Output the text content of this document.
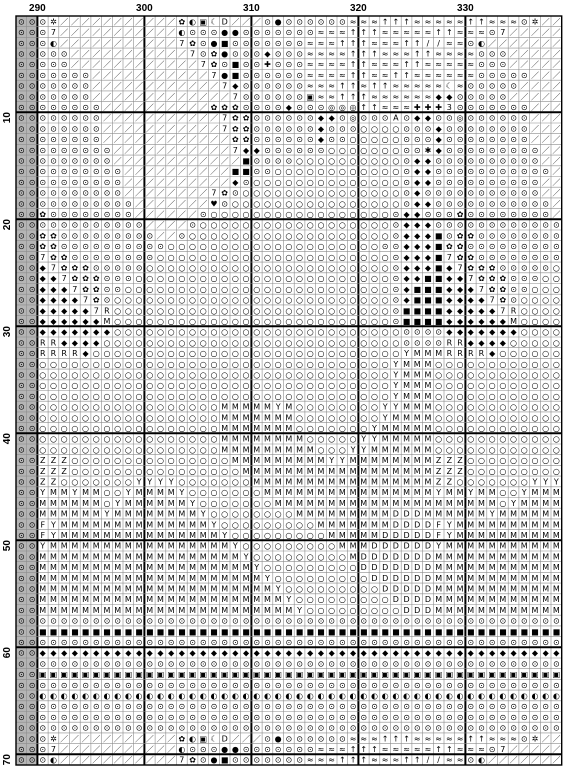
⊙ ✲ ／ ／ ／ ／ ／ ／ ／ ／ ／ ／ ／ ✿ ◐ ▣ ☾ D ／ ／ ／ ⊙ ● ⊙ ⊙ ⊙ ⊙ ⊙ ⊙ ≈ ≈ ≈ ↑ ↑ ↑ ≈ ≈ ≈ ≈ ≈ ↑ ↑ ≈ ≈ ≈ ⊙ ✲ ／ ／
⊙ ⊙
⊙ 7 ／ ／ ／ ／ ／ ／ ／ ／ ／ ／ ／ ◐ ⊙ ⊙ ⊙ ● ● ⊙ ⊙ ⊙ ⊙ ⊙ ⊙ ⊙ ≈ ≈ ≈ ↑ ↑ ↑ ≈ ≈ ≈ ≈ ≈ ↑ ↑ ≈ ≈ ≈ ⊙ 7 ／ ／ ／ ／ ／
⊙ ⊙
⊙ ◐ ／ ／ ／ ／ ／ ／ ／ ／ ／ ／ ／ 7 ✿ ⊙ ● ■ ⊙ ⊙ ⊙ ⊙ ⊙ ⊙ ⊙ ≈ ≈ ≈ ↑ ↑ ↑ ≈ ≈ ≈ ↑ ↑ / / ≈ ≈ ⊙ ◐ ／ ／ ／ ／ ／ ／ ／
⊙ ⊙
⊙ ⊙ ⊙ ／ ／ ／ ／ ／ ／ ／ ／ ／ ／ ／ 7 ⊙ ✿ ● ⊙ ⊙ ⊙ ◆ ⊙ ⊙ ⊙ ≈ ≈ ≈ ≈ ↑ ↑ ↑ ≈ ≈ ≈ ↑ ↑ ≈ ≈ ≈ ≈ ⊙ ⊙ ⊙ ／ ／ ／ ／ ／
⊙ ⊙
⊙ ⊙ ⊙ ／ ／ ／ ／ ／ ／ ／ ／ ／ ／ ／ ／ 7 ✿ ⊙ ■ ⊙ ⊙ ✚ ⊙ ⊙ ⊙ ≈ ≈ ≈ ≈ ↑ ↑ ≈ ≈ ≈ ↑ ↑ ≈ ≈ ≈ ≈ ≈ ⊙ ⊙ ⊙ ／ ／ ／ ／ ／
⊙ ⊙
⊙ ⊙ ⊙ ⊙ ⊙ ／ ／ ／ ／ ／ ／ ／ ／ ／ ／ ／ 7 ● ■ ⊙ ⊙ ⊙ ⊙ ⊙ ⊙ ≈ ≈ ≈ ≈ ↑ ↑ ≈ ≈ ↑ ↑ ≈ ≈ ≈ ≈ ≈ ≈ ⊙ ⊙ ⊙ ⊙ ⊙ ／ ／ ／
⊙ ⊙
⊙ ⊙ ⊙ ⊙ ⊙ ／ ／ ／ ／ ／ ／ ／ ／ ／ ／ ／ ／ 7 ◆ ⊙ ⊙ ⊙ ⊙ ⊙ ⊙ ≈ ≈ ≈ ↑ ↑ ≈ ↑ ↑ ≈ ≈ ≈ ≈ ≈ ☾ ≈ ⊙ ⊙ ⊙ ⊙ ⊙ ／ ／ ／ ／
⊙ ⊙
⊙ ⊙ ⊙ ⊙ ⊙ ／ ／ ／ ／ ／ ／ ／ ／ ／ ／ ／ ／ ／ 7 ⊙ ⊙ ⊙ ⊙ ⊙ ⊙ ▣ ≈ ≈ ↑ ↑ ↑ ≈ ≈ ≈ ≈ ≈ ≈ ◆ ◆ ⊙ ⊙ ⊙ ⊙ ⊙ ／ ／ ／ ／ ／
⊙ ⊙
⊙ ⊙ ⊙ ⊙ ⊙ ⊙ ／ ／ ／ ／ ／ ／ ／ ／ ／ ／ ✿ ✿ ✿ ⊙ ⊙ ⊙ ⊙ ◆ ⊙ ⊙ ⊙ ◎ ◎ ◎ ↑ ↑ ≈ ≈ ≈ ✚ ✚ ✚ 3 ⊙ ⊙ ⊙ ⊙ ⊙ ⊙ ⊙ ／ ／ ／
⊙ ⊙
⊙ ⊙ ⊙ ⊙ ⊙ ⊙ ／ ／ ／ ／ ／ ／ ／ ／ ／ ／ ／ 7 ✿ ✿ ⊙ ⊙ ⊙ ⊙ ⊙ ⊙ ◆ ◆ ⊙ ◎ ⊙ ⊙ ⊙ A ⊙ ◆ ◆ ⊙ ⊙ ◎ ⊙ ⊙ ⊙ ⊙ ⊙ ⊙ ／ ／ ／
⊙ ⊙
⊙ ⊙ ⊙ ⊙ ⊙ ⊙ ／ ／ ／ ／ ／ ／ ／ ／ ／ ／ ／ 7 ✿ ✿ ⊙ ⊙ ⊙ ⊙ ⊙ ⊙ ◆ ⊙ ⊙ ⊙ ○ ○ ○ ○ ⊙ ⊙ ⊙ ◆ ⊙ ⊙ ⊙ ⊙ ⊙ ⊙ ⊙ ⊙ ／ ／ ／
⊙ ⊙
⊙ ⊙ ⊙ ⊙ ⊙ ⊙ ／ ／ ／ ／ ／ ／ ／ ／ ／ ／ ／ ／ ✿ ✿ ⊙ ⊙ ⊙ ⊙ ⊙ ⊙ ◆ ⊙ ⊙ ○ ○ ○ ○ ○ ⊙ ⊙ ⊙ ◆ ⊙ ⊙ ⊙ ⊙ ⊙ ⊙ ⊙ ⊙ ／ ／ ／
⊙ ⊙
⊙ ⊙ ⊙ ⊙ ⊙ ⊙ ⊙ ／ ／ ／ ／ ／ ／ ／ ／ ／ ／ ／ 7 ◆ ◆ ⊙ ⊙ ⊙ ⊙ ⊙ ⊙ ○ ○ ○ ○ ○ ○ ○ ⊙ ⊙ ✱ ◆ ⊙ ⊙ ⊙ ⊙ ⊙ ⊙ ⊙ ⊙ ⊙ ／ ／
⊙ ⊙
⊙ ⊙ ⊙ ⊙ ⊙ ⊙ ⊙ ／ ／ ／ ／ ／ ／ ／ ／ ／ ／ ／ ／ ■ ⊙ ⊙ ⊙ ⊙ ○ ○ ○ ○ ○ ○ ○ ○ ○ ○ ⊙ ◆ ◆ ⊙ ⊙ ⊙ ⊙ ⊙ ⊙ ⊙ ⊙ ⊙ ⊙ ／ ／
⊙ ⊙
⊙ ⊙ ⊙ ⊙ ⊙ ⊙ ⊙ ⊙ ／ ／ ／ ／ ／ ／ ／ ／ ／ ／ ■ ■ ⊙ ⊙ ○ ○ ○ ○ ○ ○ ○ ○ ○ ○ ○ ○ ⊙ ◆ ◆ ⊙ ⊙ ⊙ ⊙ ⊙ ⊙ ⊙ ⊙ ⊙ ⊙ ⊙ ／
⊙ ⊙
⊙ ⊙ ⊙ ⊙ ⊙ ⊙ ⊙ ⊙ ／ ／ ／ ／ ／ ／ ／ ／ ／ ／ ◆ ⊙ ○ ○ ○ ○ ○ ○ ○ ○ ○ ○ ○ ○ ○ ○ ⊙ ◆ ◆ ⊙ ⊙ ⊙ ⊙ ⊙ ⊙ ⊙ ⊙ ⊙ ⊙ ／ ／
⊙ ⊙
⊙ ⊙ ⊙ ⊙ ⊙ ⊙ ⊙ ⊙ ／ ／ ／ ／ ／ ／ ／ ／ 7 ✿ ⊙ ○ ○ ○ ○ ○ ○ ○ ○ ○ ○ ○ ○ ○ ○ ○ ⊙ ◆ ⊙ ⊙ ⊙ ⊙ ⊙ ⊙ ⊙ ⊙ ⊙ ⊙ ⊙ ／ ／
⊙ ⊙
⊙ ⊙ ⊙ ⊙ ⊙ ⊙ ⊙ ⊙ ⊙ ／ ／ ／ ／ ／ ／ ／ ♥ ⊙ ○ ○ ○ ○ ○ ○ ○ ○ ○ ○ ○ ○ ○ ○ ○ ○ ⊙ ◆ ◆ ⊙ ⊙ ⊙ ⊙ ⊙ ⊙ ⊙ ⊙ ⊙ ⊙ ⊙ ／
⊙ ⊙
✿ ⊙ ⊙ ⊙ ⊙ ⊙ ⊙ ⊙ ⊙ ／ ／ ／ ／ ／ ／ ⊙ ○ ○ ○ ○ ○ ○ ○ ○ ○ ○ ○ ○ ○ ○ ○ ○ ○ ⊙ ◆ ◆ ⊙ ⊙ ⊙ ✿ ⊙ ⊙ ⊙ ⊙ ⊙ ⊙ ⊙ ⊙ ／
⊙ ⊙
⊙ ⊙ ⊙ ⊙ ⊙ ⊙ ⊙ ⊙ ⊙ ⊙ ／ ／ ／ ／ ⊙ ○ ○ ○ ○ ○ ○ ○ ○ ○ ○ ○ ○ ○ ○ ○ ○ ○ ○ ⊙ ◆ ◆ ◆ ⊙ ⊙ ⊙ ⊙ ⊙ ⊙ ⊙ ⊙ ⊙ ⊙ ⊙ ⊙
⊙ ⊙
✿ ✿ ⊙ ⊙ ⊙ ⊙ ⊙ ⊙ ⊙ ⊙ ⊙ ／ ／ ⊙ ○ ○ ○ ○ ○ ○ ○ ○ ○ ○ ○ ○ ○ ○ ○ ○ ○ ○ ○ ⊙ ◆ ◆ ◆ ■ ⊙ ✿ ✿ ⊙ ⊙ ⊙ ⊙ ⊙ ⊙ ⊙ ⊙
⊙ ⊙
✿ ✿ ⊙ ⊙ ⊙ ⊙ ⊙ ⊙ ⊙ ⊙ ⊙ ⊙ ○ ○ ○ ○ ○ ○ ○ ○ ○ ○ ○ ○ ○ ○ ○ ○ ○ ○ ○ ○ ⊙ ⊙ ◆ ◆ ◆ ■ ✿ ✿ ⊙ ⊙ ⊙ ⊙ ⊙ ⊙ ⊙ ⊙ ⊙
⊙ ⊙
7 ✿ ✿ ⊙ ⊙ ⊙ ⊙ ⊙ ⊙ ⊙ ⊙ ○ ○ ○ ○ ○ ○ ○ ○ ○ ○ ○ ○ ○ ○ ○ ○ ○ ○ ○ ○ ○ ○ ⊙ ◆ ◆ ◆ ■ 7 ✿ ✿ ⊙ ⊙ ⊙ ⊙ ⊙ ⊙ ⊙ ⊙
⊙ ⊙
◆ 7 ✿ ✿ ✿ ⊙ ⊙ ⊙ ⊙ ⊙ ○ ○ ○ ○ ○ ○ ○ ○ ○ ○ ○ ○ ○ ○ ○ ○ ○ ○ ○ ○ ○ ○ ○ ⊙ ◆ ◆ ◆ ■ ◆ 7 ✿ ✿ ✿ ⊙ ⊙ ⊙ ⊙ ⊙ ○
⊙ ⊙
◆ ◆ 7 ✿ ✿ ✿ ⊙ ⊙ ⊙ ○ ○ ○ ○ ○ ○ ○ ○ ○ ○ ○ ○ ○ ○ ○ ○ ○ ○ ○ ○ ○ ○ ○ ○ ⊙ ◆ ◆ ■ ■ ◆ ◆ 7 ✿ ✿ ✿ ⊙ ⊙ ⊙ ○ ○
⊙ ⊙
◆ ◆ ◆ 7 ✿ ✿ ⊙ ⊙ ○ ○ ○ ○ ○ ○ ○ ○ ○ ○ ○ ○ ○ ○ ○ ○ ○ ○ ○ ○ ○ ○ ○ ○ ○ ⊙ ◆ ■ ■ ■ ◆ ◆ ◆ 7 ✿ ✿ ⊙ ⊙ ○ ○ ○
⊙ ⊙
◆ ◆ ◆ ◆ 7 ✿ ⊙ ○ ○ ○ ○ ○ ○ ○ ○ ○ ○ ○ ○ ○ ○ ○ ○ ○ ○ ○ ○ ○ ○ ○ ○ ○ ○ ⊙ ◆ ■ ■ ■ ◆ ◆ ◆ ◆ 7 ✿ ⊙ ○ ○ ○ ○
⊙ ⊙
◆ ◆ ◆ ◆ ◆ 7 R ○ ○ ○ ○ ○ ○ ○ ○ ○ ○ ○ ○ ○ ○ ○ ○ ○ ○ ○ ○ ○ ○ ○ ○ ○ ○ ⊙ ■ ■ ■ ■ ◆ ◆ ◆ ◆ ◆ 7 R ○ ○ ○ ○
⊙ ⊙
◆ ◆ ◆ ◆ ◆ ◆ M ○ ○ ○ ○ ○ ○ ○ ○ ○ ○ ○ ○ ○ ○ ○ ○ ○ ○ ○ ○ ○ ○ ○ ○ ○ ○ ⊙ ■ ■ ■ ■ ◆ ◆ ◆ ◆ ◆ ◆ M ○ ○ ○ ○
⊙ ⊙
◆ ◆ ◆ ◆ ◆ ◆ ◆ ○ ○ ○ ○ ○ ○ ○ ○ ○ ○ ○ ○ ○ ○ ○ ○ ○ ○ ○ ○ ○ ○ ○ ○ ○ ○ ○ ⊙ ⊙ ⊙ ⊙ ◆ ◆ ◆ ◆ ◆ ◆ ◆ ○ ○ ○ ○
⊙ ⊙
R R ◆ ◆ ◆ ◆ ○ ○ ○ ○ ○ ○ ○ ○ ○ ○ ○ ○ ○ ○ ○ ○ ○ ○ ○ ○ ○ ○ ○ ○ ○ ○ ○ ○ ⊙ ⊙ ⊙ ⊙ R R ◆ ◆ ◆ ◆ ○ ○ ○ ○ ○
⊙ ⊙
R R R R ◆ ○ ○ ○ ○ ○ ○ ○ ○ ○ ○ ○ ○ ○ ○ ○ ○ ○ ○ ○ ○ ○ ○ ○ ○ ○ ○ ○ ○ ○ Y M M M R R R R ◆ ○ ○ ○ ○ ○ ○
⊙ ⊙
○ ○ ○ ○ ○ ○ ○ ○ ○ ○ ○ ○ ○ ○ ○ ○ ○ ○ ○ ○ ○ ○ ○ ○ ○ ○ ○ ○ ○ ○ ○ ○ ○ Y M M M ○ ○ ○ ○ ○ ○ ○ ○ ○ ○ ○ ○
⊙ ⊙
○ ○ ○ ○ ○ ○ ○ ○ ○ ○ ○ ○ ○ ○ ○ ○ ○ ○ ○ ○ ○ ○ ○ ○ ○ ○ ○ ○ ○ ○ ○ ○ ○ Y M M M ○ ○ ○ ○ ○ ○ ○ ○ ○ ○ ○ ○
⊙ ⊙
○ ○ ○ ○ ○ ○ ○ ○ ○ ○ ○ ○ ○ ○ ○ ○ ○ ○ ○ ○ ○ ○ ○ ○ ○ ○ ○ ○ ○ ○ ○ ○ ○ Y M M M ○ ○ ○ ○ ○ ○ ○ ○ ○ ○ ○ ○
⊙ ⊙
○ ○ ○ ○ ○ ○ ○ ○ ○ ○ ○ ○ ○ ○ ○ ○ ○ ○ ○ ○ ○ ○ ○ ○ ○ ○ ○ ○ ○ ○ ○ ○ ○ Y M M M ○ ○ ○ ○ ○ ○ ○ ○ ○ ○ ○ ○
⊙ ⊙
○ ○ ○ ○ ○ ○ ○ ○ ○ ○ ○ ○ ○ ○ ○ ○ ○ M M M M M Y M ○ ○ ○ ○ ○ ○ ○ ○ Y Y M M M ○ ○ ○ ○ ○ ○ ○ ○ ○ ○ ○ ○
⊙ ⊙
○ ○ ○ ○ ○ ○ ○ ○ ○ ○ ○ ○ ○ ○ ○ ○ ○ M M M M M M M ○ ○ ○ ○ ○ ○ ○ ○ Y M M M M ○ ○ ○ ○ ○ ○ ○ ○ ○ ○ ○ ○
⊙ ⊙
○ ○ ○ ○ ○ ○ ○ ○ ○ ○ ○ ○ ○ ○ ○ ○ ○ M M M M M M M ○ ○ ○ ○ ○ ○ ○ Y M M M M M ○ ○ ○ ○ ○ ○ ○ ○ ○ ○ ○ ○
⊙ ⊙
○ ○ ○ ○ ○ ○ ○ ○ ○ ○ ○ ○ ○ ○ ○ ○ ○ M M M M M M M M ○ ○ ○ ○ ○ Y Y M M M M M ○ ○ ○ ○ ○ ○ ○ ○ ○ ○ ○ ○
⊙ ⊙
○ ○ ○ ○ ○ ○ ○ ○ ○ ○ ○ ○ ○ ○ ○ ○ ○ M M M M M M M M M ○ ○ ○ Y Y M M M M M M ○ ○ ○ ○ ○ ○ ○ ○ ○ ○ ○ ○
⊙ ⊙
Z Z Z ○ ○ ○ ○ ○ ○ ○ ○ ○ ○ ○ ○ ○ ○ ○ M M M M M M M M M Y Y M M M M M M M M Z Z Z ○ ○ ○ ○ ○ ○ ○ ○ ○
⊙ ⊙
Z Z Z ○ ○ ○ ○ ○ ○ ○ ○ ○ ○ ○ ○ ○ ○ ○ ○ M M M M M M M M M M M M M M M M M M Z Z Z ○ ○ ○ ○ ○ ○ ○ ○ ○
⊙ ⊙
Z Z ○ ○ ○ ○ ○ ○ ○ Y Y Y Y ○ ○ ○ ○ ○ ○ ○ M M M M M M M M M M M M M M M M M Z Z ○ ○ ○ ○ ○ ○ ○ Y Y Y
⊙ ⊙
Y M M Y M M ○ ○ Y M M M M Y ○ ○ ○ ○ ○ ○ ○ M M M M M M M M M M M M M M M M Y M M Y M M ○ ○ Y M M M
⊙ ⊙
M M M M M M ○ Y M M M M M M Y ○ ○ ○ ○ ○ ○ ○ M M M M M M M M M M M M M M M M M M M M M ○ Y M M M M
⊙ ⊙
M M M M M M Y M M M M M M M M Y ○ ○ ○ ○ ○ ○ ○ ○ M M M M M M M M M D D D M M M M M M Y M M M M M M
⊙ ⊙
F Y M M M M M M M M M M M M M M Y ○ ○ ○ ○ ○ ○ ○ ○ ○ M M M M M M M D D D D F Y M M M M M M M M M M
⊙ ⊙
F Y M M M M M M M M M M M M M M M Y ○ ○ ○ ○ ○ ○ ○ ○ ○ M M M M M D D D D D F Y M M M M M M M M M M
⊙ ⊙
Y M M M M M M M M M M M M M M M M M Y ○ ○ ○ ○ ○ ○ ○ ○ ○ M M M D D D D D D Y M M M M M M M M M M M
⊙ ⊙
M M M M M M M M M M M M M M M M M M M Y ○ ○ ○ ○ ○ ○ ○ ○ ○ M D D D D D D D M M M M M M M M M M M M
⊙ ⊙
M M M M M M M M M M M M M M M M M M M M Y ○ ○ ○ ○ ○ ○ ○ ○ ○ D D D D D D D M M M M M M M M M M M M
⊙ ⊙
M M M M M M M M M M M M M M M M M M M M M Y ○ ○ ○ ○ ○ ○ ○ ○ ○ D D D D D D M M M M M M M M M M M M
⊙ ⊙
M M M M M M M M M M M M M M M M M M M M M M Y ○ ○ ○ ○ ○ ○ ○ ○ ○ D D D D D M M M M M M M M M M M M
⊙ ⊙
M M M M M M M M M M M M M M M M M M M M M M M Y ○ ○ ○ ○ ○ ○ ○ ○ ○ D D D D M M M M M M M M M M M M
⊙ ⊙
M M M M M M M M M M M M M M M M M M M M M M M M Y ○ ○ ○ ○ ○ ○ ○ ○ ○ D D D M M M M M M M M M M M M
⊙ ⊙
⊙ ⊙ ⊙ ⊙ ⊙ ⊙ ⊙ ⊙ ⊙ ⊙ ⊙ ⊙ ⊙ ⊙ ⊙ ⊙ ⊙ ⊙ ⊙ ⊙ ⊙ ⊙ ⊙ ⊙ ⊙ ⊙ ⊙ ⊙ ⊙ ⊙ ⊙ ⊙ ⊙ ⊙ ⊙ ⊙ ⊙ ⊙ ⊙ ⊙ ⊙ ⊙ ⊙ ⊙ ⊙ ⊙ ⊙ ⊙ ⊙
⊙ ⊙
■ ■ ■ ■ ■ ■ ■ ■ ■ ■ ■ ■ ■ ■ ■ ■ ■ ■ ■ ■ ■ ■ ■ ■ ■ ■ ■ ■ ■ ■ ■ ■ ■ ■ ■ ■ ■ ■ ■ ■ ■ ■ ■ ■ ■ ■ ■ ■ ■
⊙ ⊙
⊙ ⊙ ⊙ ⊙ ⊙ ⊙ ⊙ ⊙ ⊙ ⊙ ⊙ ⊙ ⊙ ⊙ ⊙ ⊙ ⊙ ⊙ ⊙ ⊙ ⊙ ⊙ ⊙ ⊙ ⊙ ⊙ ⊙ ⊙ ⊙ ⊙ ⊙ ⊙ ⊙ ⊙ ⊙ ⊙ ⊙ ⊙ ⊙ ⊙ ⊙ ⊙ ⊙ ⊙ ⊙ ⊙ ⊙ ⊙ ⊙
⊙ ⊙
◆ ◆ ◆ ◆ ◆ ◆ ◆ ◆ ◆ ◆ ◆ ◆ ◆ ◆ ◆ ◆ ◆ ◆ ◆ ◆ ◆ ◆ ◆ ◆ ◆ ◆ ◆ ◆ ◆ ◆ ◆ ◆ ◆ ◆ ◆ ◆ ◆ ◆ ◆ ◆ ◆ ◆ ◆ ◆ ◆ ◆ ◆ ◆ ◆
⊙ ⊙
⊙ ⊙ ⊙ ⊙ ⊙ ⊙ ⊙ ⊙ ⊙ ⊙ ⊙ ⊙ ⊙ ⊙ ⊙ ⊙ ⊙ ⊙ ⊙ ⊙ ⊙ ⊙ ⊙ ⊙ ⊙ ⊙ ⊙ ⊙ ⊙ ⊙ ⊙ ⊙ ⊙ ⊙ ⊙ ⊙ ⊙ ⊙ ⊙ ⊙ ⊙ ⊙ ⊙ ⊙ ⊙ ⊙ ⊙ ⊙ ⊙
⊙ ⊙
▣ ▣ ▣ ▣ ▣ ▣ ▣ ▣ ▣ ▣ ▣ ▣ ▣ ▣ ▣ ▣ ▣ ▣ ▣ ▣ ▣ ▣ ▣ ▣ ▣ ▣ ▣ ▣ ▣ ▣ ▣ ▣ ▣ ▣ ▣ ▣ ▣ ▣ ▣ ▣ ▣ ▣ ▣ ▣ ▣ ▣ ▣ ▣ ▣
⊙ ⊙
⊙ ⊙ ⊙ ⊙ ⊙ ⊙ ⊙ ⊙ ⊙ ⊙ ⊙ ⊙ ⊙ ⊙ ⊙ ⊙ ⊙ ⊙ ⊙ ⊙ ⊙ ⊙ ⊙ ⊙ ⊙ ⊙ ⊙ ⊙ ⊙ ⊙ ⊙ ⊙ ⊙ ⊙ ⊙ ⊙ ⊙ ⊙ ⊙ ⊙ ⊙ ⊙ ⊙ ⊙ ⊙ ⊙ ⊙ ⊙ ⊙
⊙ ⊙
◐ ◐ ◐ ◐ ◐ ◐ ◐ ◐ ◐ ◐ ◐ ◐ ◐ ◐ ◐ ◐ ◐ ◐ ◐ ◐ ◐ ◐ ◐ ◐ ◐ ◐ ◐ ◐ ◐ ◐ ◐ ◐ ◐ ◐ ◐ ◐ ◐ ◐ ◐ ◐ ◐ ◐ ◐ ◐ ◐ ◐ ◐ ◐ ◐
⊙ ⊙
⊙ ⊙ ⊙ ⊙ ⊙ ⊙ ⊙ ⊙ ⊙ ⊙ ⊙ ⊙ ⊙ ⊙ ⊙ ⊙ ⊙ ⊙ ⊙ ⊙ ⊙ ⊙ ⊙ ⊙ ⊙ ⊙ ⊙ ⊙ ⊙ ⊙ ⊙ ⊙ ⊙ ⊙ ⊙ ⊙ ⊙ ⊙ ⊙ ⊙ ⊙ ⊙ ⊙ ⊙ ⊙ ⊙ ⊙ ⊙ ⊙
⊙ ⊙
⊙ ⊙ ⊙ ⊙ ⊙ ⊙ ⊙ ⊙ ⊙ ⊙ ⊙ ⊙ ⊙ ⊙ ⊙ ⊙ ⊙ ⊙ ⊙ ⊙ ⊙ ⊙ ⊙ ⊙ ⊙ ⊙ ⊙ ⊙ ⊙ ⊙ ⊙ ⊙ ⊙ ⊙ ⊙ ⊙ ⊙ ⊙ ⊙ ⊙ ⊙ ⊙ ⊙ ⊙ ⊙ ⊙ ⊙ ⊙ ⊙
⊙ ⊙
⊙ ⊙ ⊙ ⊙ ⊙ ⊙ ⊙ ⊙ ⊙ ⊙ ⊙ ⊙ ⊙ ⊙ ⊙ ⊙ ⊙ ⊙ ⊙ ⊙ ⊙ ⊙ ⊙ ⊙ ⊙ ⊙ ⊙ ⊙ ⊙ ⊙ ⊙ ⊙ ⊙ ⊙ ⊙ ⊙ ⊙ ⊙ ⊙ ⊙ ⊙ ⊙ ⊙ ⊙ ⊙ ⊙ ⊙ ⊙ ⊙
⊙ ⊙
⊙ ✲ ／ ／ ／ ／ ／ ／ ／ ／ ／ ／ ／ ✿ ◐ ▣ ☾ D ／ ／ ／ ⊙ ● ⊙ ⊙ ⊙ ⊙ ⊙ ⊙ ≈ ≈ ≈ ↑ ↑ ↑ ≈ ≈ ≈ ≈ ≈ ↑ ↑ ≈ ≈ ≈ ⊙ ✲ ／ ／
⊙ ⊙
⊙ 7 ／ ／ ／ ／ ／ ／ ／ ／ ／ ／ ／ ◐ ⊙ ⊙ ⊙ ● ● ⊙ ⊙ ⊙ ⊙ ⊙ ⊙ ⊙ ≈ ≈ ≈ ↑ ↑ ↑ ≈ ≈ ≈ ≈ ≈ ↑ ↑ ≈ ≈ ≈ ⊙ 7 ／ ／ ／ ／ ／
⊙ ⊙
⊙ ◐ ／ ／ ／ ／ ／ ／ ／ ／ ／ ／ ／ 7 ✿ ⊙ ● ■ ⊙ ⊙ ⊙ ⊙ ⊙ ⊙ ⊙ ≈ ≈ ≈ ↑ ↑ ↑ ≈ ≈ ≈ ↑ ↑ / / ≈ ≈ ⊙ ◐ ／ ／ ／ ／ ／ ／ ／
⊙ ⊙
290	300	310	320	330
10
20
30
40
50
60
70
